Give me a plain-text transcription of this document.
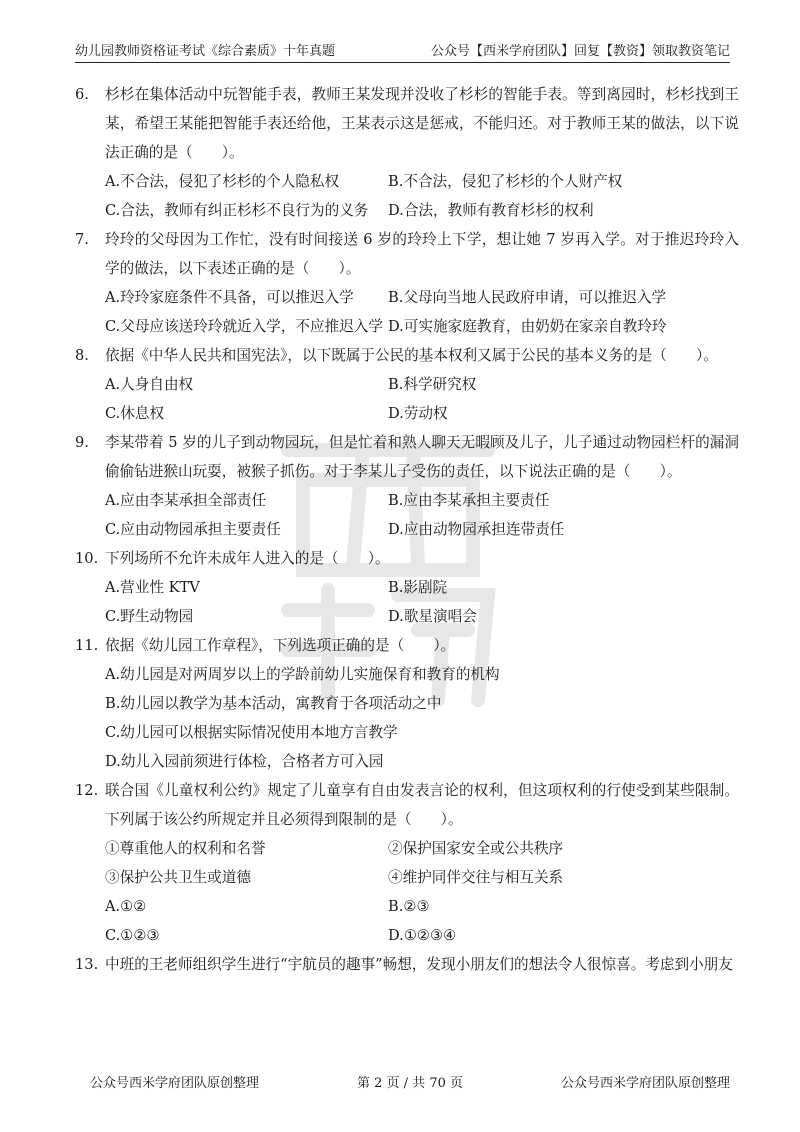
幼儿园教师资格证考试《综合素质》十年真题	公众号【西米学府团队】回复【教资】领取教资笔记
6.	杉杉在集体活动中玩智能手表，教师王某发现并没收了杉杉的智能手表。等到离园时，杉杉找到王某，希望王某能把智能手表还给他，王某表示这是惩戒，不能归还。对于教师王某的做法，以下说法正确的是（　　）。
A.不合法，侵犯了杉杉的个人隐私权	B.不合法，侵犯了杉杉的个人财产权
C.合法，教师有纠正杉杉不良行为的义务	D.合法，教师有教育杉杉的权利
7.	玲玲的父母因为工作忙，没有时间接送 6 岁的玲玲上下学，想让她 7 岁再入学。对于推迟玲玲入学的做法，以下表述正确的是（　　）。
A.玲玲家庭条件不具备，可以推迟入学	B.父母向当地人民政府申请，可以推迟入学
C.父母应该送玲玲就近入学，不应推迟入学 D.可实施家庭教育，由奶奶在家亲自教玲玲
8.	依据《中华人民共和国宪法》，以下既属于公民的基本权利又属于公民的基本义务的是（　　）。
A.人身自由权	B.科学研究权
C.休息权	D.劳动权
9.	李某带着 5 岁的儿子到动物园玩，但是忙着和熟人聊天无暇顾及儿子，儿子通过动物园栏杆的漏洞偷偷钻进猴山玩耍，被猴子抓伤。对于李某儿子受伤的责任，以下说法正确的是（　　）。
A.应由李某承担全部责任	B.应由李某承担主要责任
C.应由动物园承担主要责任	D.应由动物园承担连带责任
10. 下列场所不允许未成年人进入的是（　　）。
A.营业性 KTV	B.影剧院
C.野生动物园	D.歌星演唱会
11. 依据《幼儿园工作章程》，下列选项正确的是（　　）。
A.幼儿园是对两周岁以上的学龄前幼儿实施保育和教育的机构
B.幼儿园以教学为基本活动，寓教育于各项活动之中
C.幼儿园可以根据实际情况使用本地方言教学
D.幼儿入园前须进行体检，合格者方可入园
12. 联合国《儿童权利公约》规定了儿童享有自由发表言论的权利，但这项权利的行使受到某些限制。下列属于该公约所规定并且必须得到限制的是（　　）。
①尊重他人的权利和名誉	②保护国家安全或公共秩序
③保护公共卫生或道德	④维护同伴交往与相互关系
A.①②	B.②③
C.①②③	D.①②③④
13. 中班的王老师组织学生进行“宇航员的趣事”畅想，发现小朋友们的想法令人很惊喜。考虑到小朋友
公众号西米学府团队原创整理	第 2 页 / 共 70 页	公众号西米学府团队原创整理
